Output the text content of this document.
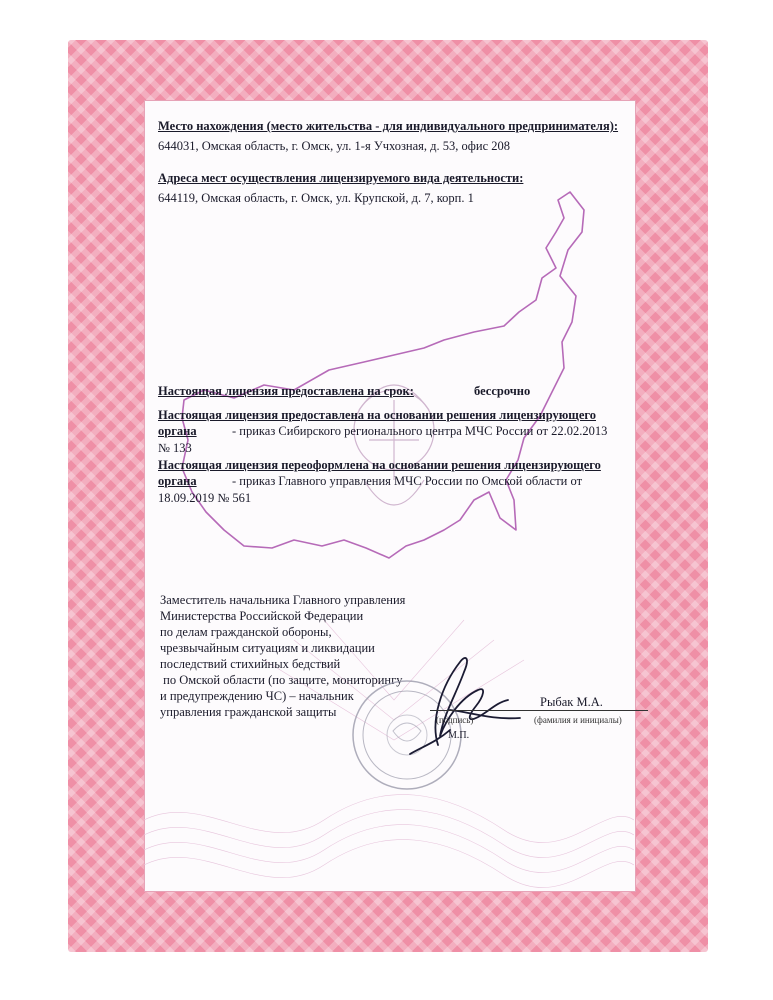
Место нахождения (место жительства - для индивидуального предпринимателя):
644031, Омская область, г. Омск, ул. 1-я Учхозная, д. 53, офис 208
Адреса мест осуществления лицензируемого вида деятельности:
644119, Омская область, г. Омск, ул. Крупской, д. 7, корп. 1
Настоящая лицензия предоставлена на срок:	бессрочно
Настоящая лицензия предоставлена на основании решения лицензирующего
органа	- приказ Сибирского регионального центра МЧС России от 22.02.2013
№ 133
Настоящая лицензия переоформлена на основании решения лицензирующего
органа	- приказ Главного управления МЧС России по Омской области от
18.09.2019 № 561
Заместитель начальника Главного управления
Министерства Российской Федерации
по делам гражданской обороны,
чрезвычайным ситуациям и ликвидации
последствий стихийных бедствий
по Омской области (по защите, мониторингу
и предупреждению ЧС) – начальник
управления гражданской защиты
Рыбак М.А.
(подпись)	(фамилия и инициалы)
М.П.
